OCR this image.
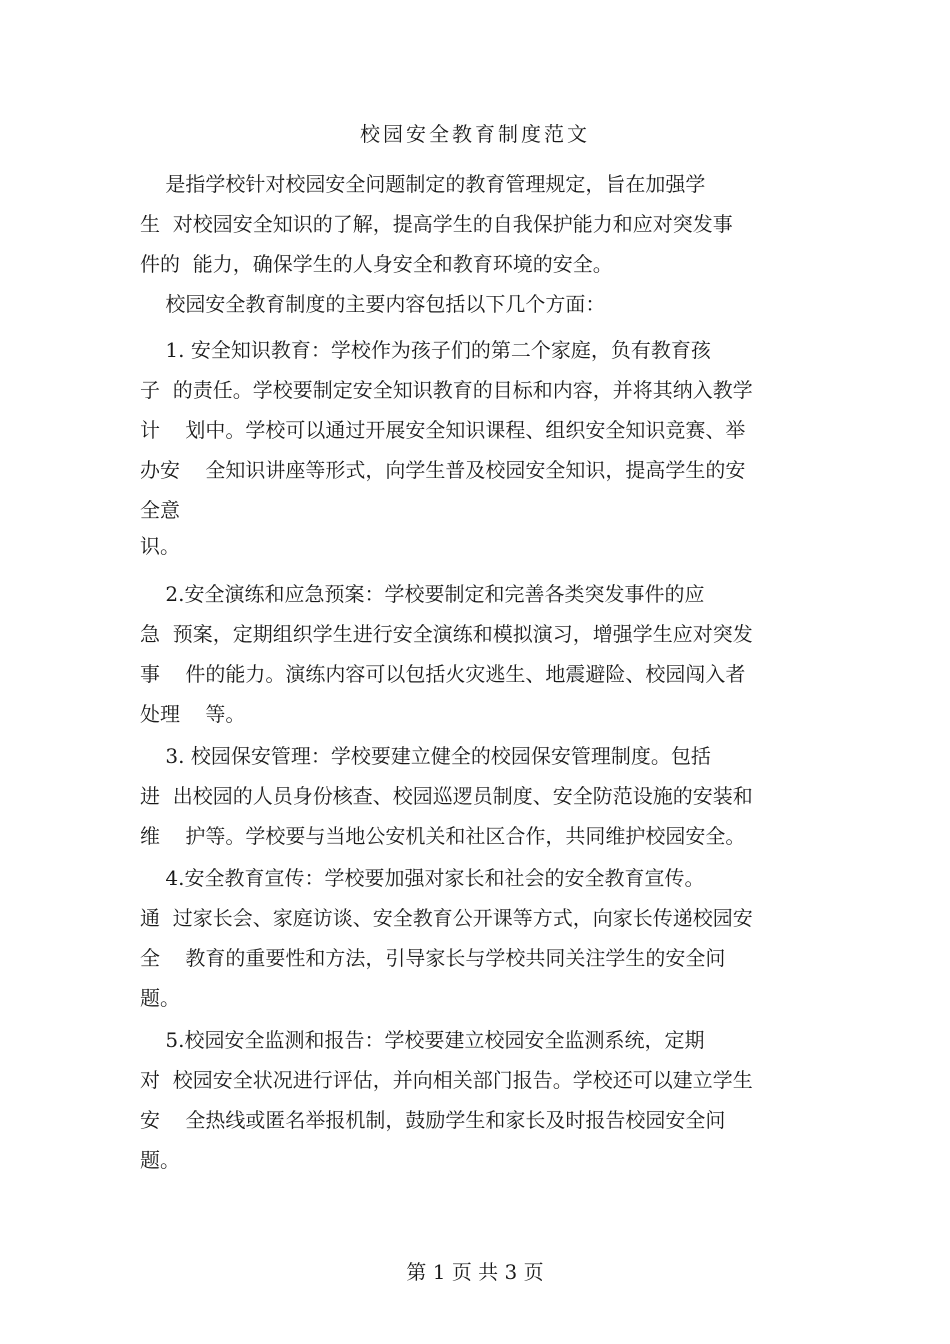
校园安全教育制度范文

是指学校针对校园安全问题制定的教育管理规定，旨在加强学

生  对校园安全知识的了解，提高学生的自我保护能力和应对突发事

件的  能力，确保学生的人身安全和教育环境的安全。

校园安全教育制度的主要内容包括以下几个方面：

1. 安全知识教育：学校作为孩子们的第二个家庭，负有教育孩

子  的责任。学校要制定安全知识教育的目标和内容，并将其纳入教学

计    划中。学校可以通过开展安全知识课程、组织安全知识竞赛、举

办安    全知识讲座等形式，向学生普及校园安全知识，提高学生的安

全意

识。

2.安全演练和应急预案：学校要制定和完善各类突发事件的应

急  预案，定期组织学生进行安全演练和模拟演习，增强学生应对突发

事    件的能力。演练内容可以包括火灾逃生、地震避险、校园闯入者

处理    等。

3. 校园保安管理：学校要建立健全的校园保安管理制度。包括

进  出校园的人员身份核查、校园巡逻员制度、安全防范设施的安装和

维    护等。学校要与当地公安机关和社区合作，共同维护校园安全。

4.安全教育宣传：学校要加强对家长和社会的安全教育宣传。

通  过家长会、家庭访谈、安全教育公开课等方式，向家长传递校园安

全    教育的重要性和方法，引导家长与学校共同关注学生的安全问

题。

5.校园安全监测和报告：学校要建立校园安全监测系统，定期

对  校园安全状况进行评估，并向相关部门报告。学校还可以建立学生

安    全热线或匿名举报机制，鼓励学生和家长及时报告校园安全问

题。

第 1 页 共 3 页
